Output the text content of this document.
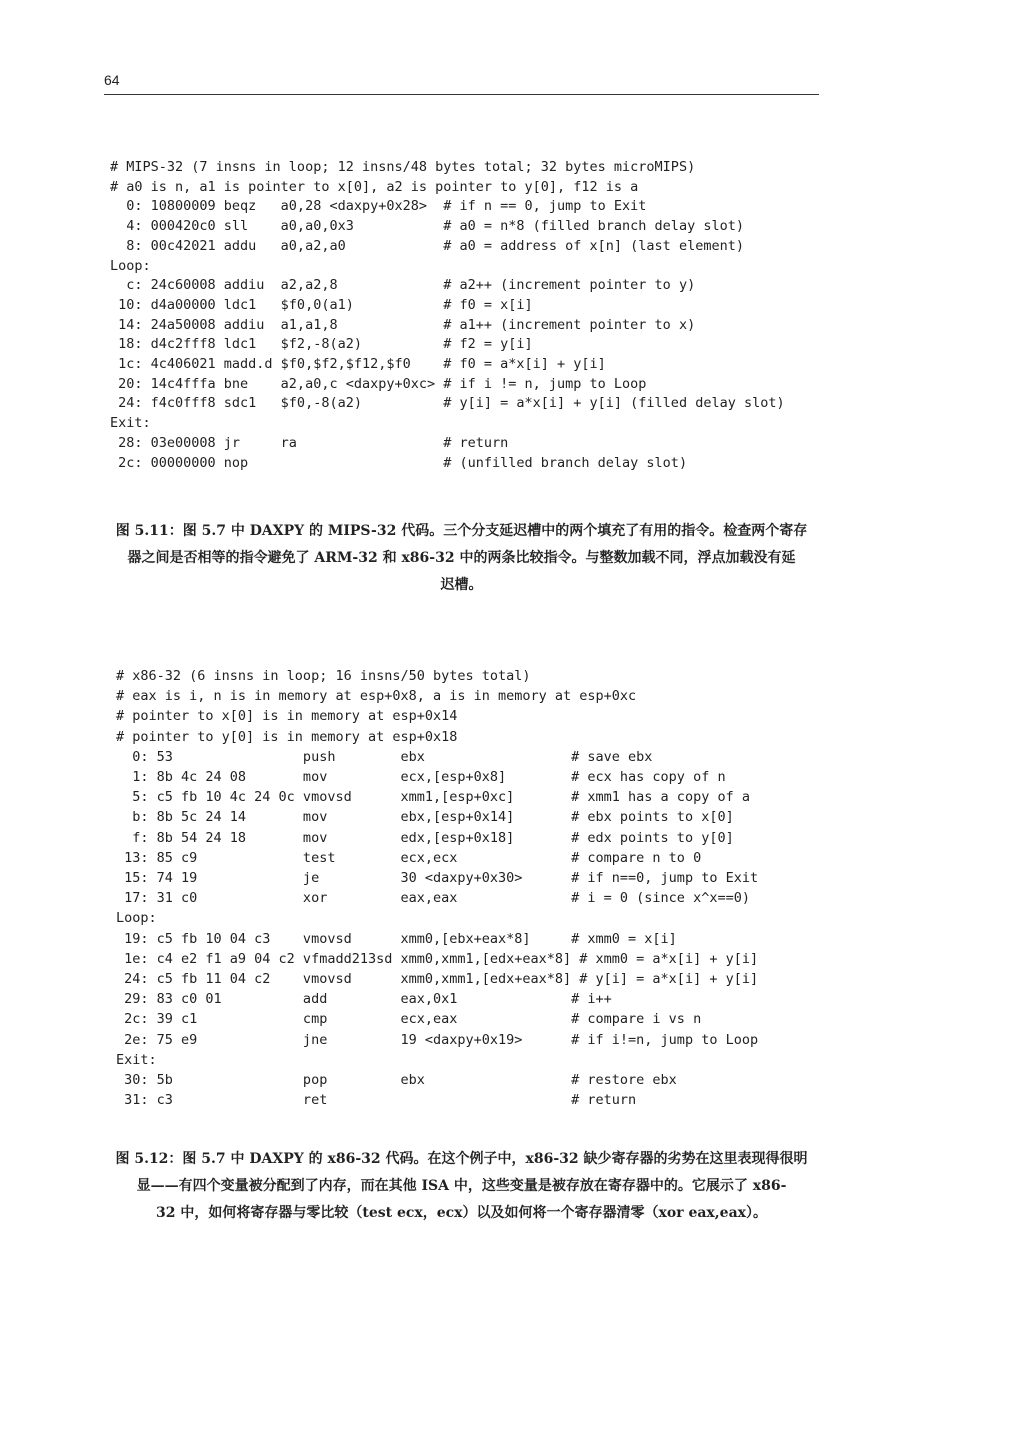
64
# MIPS-32 (7 insns in loop; 12 insns/48 bytes total; 32 bytes microMIPS)
# a0 is n, a1 is pointer to x[0], a2 is pointer to y[0], f12 is a
0: 10800009 beqz   a0,28 <daxpy+0x28>  # if n == 0, jump to Exit
4: 000420c0 sll    a0,a0,0x3           # a0 = n*8 (filled branch delay slot)
8: 00c42021 addu   a0,a2,a0            # a0 = address of x[n] (last element)
Loop:
c: 24c60008 addiu  a2,a2,8             # a2++ (increment pointer to y)
10: d4a00000 ldc1   $f0,0(a1)           # f0 = x[i]
14: 24a50008 addiu  a1,a1,8             # a1++ (increment pointer to x)
18: d4c2fff8 ldc1   $f2,-8(a2)          # f2 = y[i]
1c: 4c406021 madd.d $f0,$f2,$f12,$f0    # f0 = a*x[i] + y[i]
20: 14c4fffa bne    a2,a0,c <daxpy+0xc> # if i != n, jump to Loop
24: f4c0fff8 sdc1   $f0,-8(a2)          # y[i] = a*x[i] + y[i] (filled delay slot)
Exit:
28: 03e00008 jr     ra                  # return
2c: 00000000 nop                        # (unfilled branch delay slot)
图 5.11：图 5.7 中 DAXPY 的 MIPS-32 代码。三个分支延迟槽中的两个填充了有用的指令。检查两个寄存
器之间是否相等的指令避免了 ARM-32 和 x86-32 中的两条比较指令。与整数加载不同，浮点加载没有延
迟槽。
# x86-32 (6 insns in loop; 16 insns/50 bytes total)
# eax is i, n is in memory at esp+0x8, a is in memory at esp+0xc
# pointer to x[0] is in memory at esp+0x14
# pointer to y[0] is in memory at esp+0x18
0: 53                push        ebx                  # save ebx
1: 8b 4c 24 08       mov         ecx,[esp+0x8]        # ecx has copy of n
5: c5 fb 10 4c 24 0c vmovsd      xmm1,[esp+0xc]       # xmm1 has a copy of a
b: 8b 5c 24 14       mov         ebx,[esp+0x14]       # ebx points to x[0]
f: 8b 54 24 18       mov         edx,[esp+0x18]       # edx points to y[0]
13: 85 c9             test        ecx,ecx              # compare n to 0
15: 74 19             je          30 <daxpy+0x30>      # if n==0, jump to Exit
17: 31 c0             xor         eax,eax              # i = 0 (since x^x==0)
Loop:
19: c5 fb 10 04 c3    vmovsd      xmm0,[ebx+eax*8]     # xmm0 = x[i]
1e: c4 e2 f1 a9 04 c2 vfmadd213sd xmm0,xmm1,[edx+eax*8] # xmm0 = a*x[i] + y[i]
24: c5 fb 11 04 c2    vmovsd      xmm0,xmm1,[edx+eax*8] # y[i] = a*x[i] + y[i]
29: 83 c0 01          add         eax,0x1              # i++
2c: 39 c1             cmp         ecx,eax              # compare i vs n
2e: 75 e9             jne         19 <daxpy+0x19>      # if i!=n, jump to Loop
Exit:
30: 5b                pop         ebx                  # restore ebx
31: c3                ret                              # return
图 5.12：图 5.7 中 DAXPY 的 x86-32 代码。在这个例子中，x86-32 缺少寄存器的劣势在这里表现得很明
显——有四个变量被分配到了内存，而在其他 ISA 中，这些变量是被存放在寄存器中的。它展示了 x86-
32 中，如何将寄存器与零比较（test ecx，ecx）以及如何将一个寄存器清零（xor eax,eax）。
